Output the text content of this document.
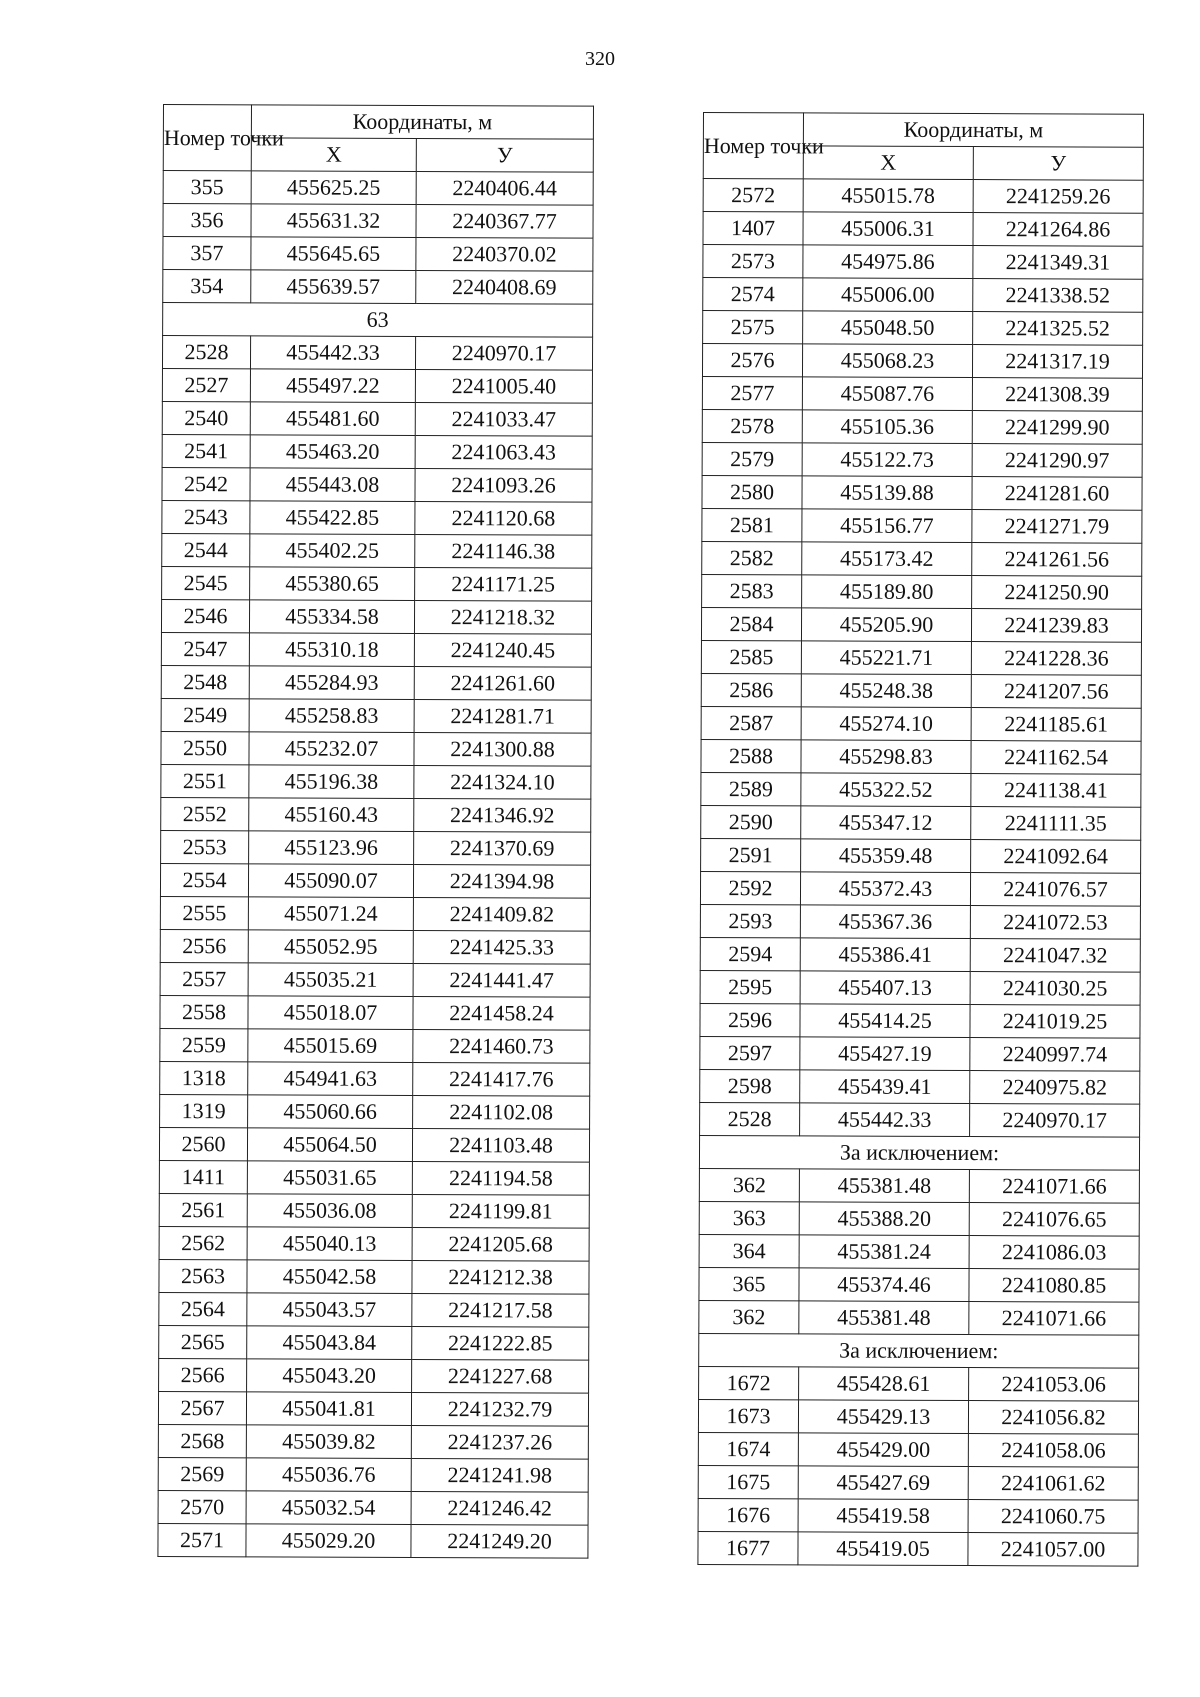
320
Номер точки	Координаты, м	
	X	У
355	455625.25	2240406.44
356	455631.32	2240367.77
357	455645.65	2240370.02
354	455639.57	2240408.69
63		
2528	455442.33	2240970.17
2527	455497.22	2241005.40
2540	455481.60	2241033.47
2541	455463.20	2241063.43
2542	455443.08	2241093.26
2543	455422.85	2241120.68
2544	455402.25	2241146.38
2545	455380.65	2241171.25
2546	455334.58	2241218.32
2547	455310.18	2241240.45
2548	455284.93	2241261.60
2549	455258.83	2241281.71
2550	455232.07	2241300.88
2551	455196.38	2241324.10
2552	455160.43	2241346.92
2553	455123.96	2241370.69
2554	455090.07	2241394.98
2555	455071.24	2241409.82
2556	455052.95	2241425.33
2557	455035.21	2241441.47
2558	455018.07	2241458.24
2559	455015.69	2241460.73
1318	454941.63	2241417.76
1319	455060.66	2241102.08
2560	455064.50	2241103.48
1411	455031.65	2241194.58
2561	455036.08	2241199.81
2562	455040.13	2241205.68
2563	455042.58	2241212.38
2564	455043.57	2241217.58
2565	455043.84	2241222.85
2566	455043.20	2241227.68
2567	455041.81	2241232.79
2568	455039.82	2241237.26
2569	455036.76	2241241.98
2570	455032.54	2241246.42
2571	455029.20	2241249.20
Номер точки	Координаты, м	
	X	У
2572	455015.78	2241259.26
1407	455006.31	2241264.86
2573	454975.86	2241349.31
2574	455006.00	2241338.52
2575	455048.50	2241325.52
2576	455068.23	2241317.19
2577	455087.76	2241308.39
2578	455105.36	2241299.90
2579	455122.73	2241290.97
2580	455139.88	2241281.60
2581	455156.77	2241271.79
2582	455173.42	2241261.56
2583	455189.80	2241250.90
2584	455205.90	2241239.83
2585	455221.71	2241228.36
2586	455248.38	2241207.56
2587	455274.10	2241185.61
2588	455298.83	2241162.54
2589	455322.52	2241138.41
2590	455347.12	2241111.35
2591	455359.48	2241092.64
2592	455372.43	2241076.57
2593	455367.36	2241072.53
2594	455386.41	2241047.32
2595	455407.13	2241030.25
2596	455414.25	2241019.25
2597	455427.19	2240997.74
2598	455439.41	2240975.82
2528	455442.33	2240970.17
За исключением:		
362	455381.48	2241071.66
363	455388.20	2241076.65
364	455381.24	2241086.03
365	455374.46	2241080.85
362	455381.48	2241071.66
За исключением:		
1672	455428.61	2241053.06
1673	455429.13	2241056.82
1674	455429.00	2241058.06
1675	455427.69	2241061.62
1676	455419.58	2241060.75
1677	455419.05	2241057.00
